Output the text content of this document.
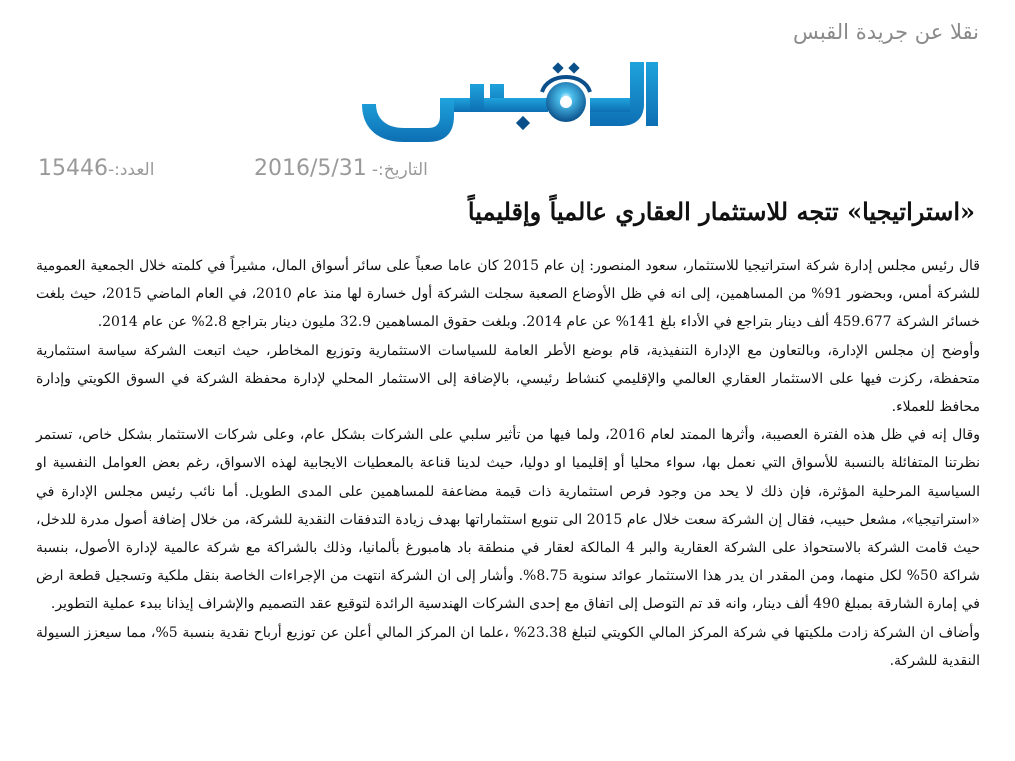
نقلا عن جريدة القبس
العدد:-15446	التاريخ:- 2016/5/31
«استراتيجيا» تتجه للاستثمار العقاري عالمياً وإقليمياً

قال رئيس مجلس إدارة شركة استراتيجيا للاستثمار، سعود المنصور: إن عام 2015 كان عاما صعباً على سائر أسواق المال، مشيراً في كلمته خلال الجمعية العمومية للشركة أمس، وبحضور 91% من المساهمين، إلى انه في ظل الأوضاع الصعبة سجلت الشركة أول خسارة لها منذ عام 2010، في العام الماضي 2015، حيث بلغت خسائر الشركة 459.677 ألف دينار بتراجع في الأداء بلغ 141% عن عام 2014. وبلغت حقوق المساهمين 32.9 مليون دينار بتراجع 2.8% عن عام 2014.

وأوضح إن مجلس الإدارة، وبالتعاون مع الإدارة التنفيذية، قام بوضع الأطر العامة للسياسات الاستثمارية وتوزيع المخاطر، حيث اتبعت الشركة سياسة استثمارية متحفظة، ركزت فيها على الاستثمار العقاري العالمي والإقليمي كنشاط رئيسي، بالإضافة إلى الاستثمار المحلي لإدارة محفظة الشركة في السوق الكويتي وإدارة محافظ للعملاء.

وقال إنه في ظل هذه الفترة العصيبة، وأثرها الممتد لعام 2016، ولما فيها من تأثير سلبي على الشركات بشكل عام، وعلى شركات الاستثمار بشكل خاص، تستمر نظرتنا المتفائلة بالنسبة للأسواق التي نعمل بها، سواء محليا أو إقليميا او دوليا، حيث لدينا قناعة بالمعطيات الايجابية لهذه الاسواق، رغم بعض العوامل النفسية او السياسية المرحلية المؤثرة، فإن ذلك لا يحد من وجود فرص استثمارية ذات قيمة مضاعفة للمساهمين على المدى الطويل. أما نائب رئيس مجلس الإدارة في «استراتيجيا»، مشعل حبيب، فقال إن الشركة سعت خلال عام 2015 الى تنويع استثماراتها بهدف زيادة التدفقات النقدية للشركة، من خلال إضافة أصول مدرة للدخل، حيث قامت الشركة بالاستحواذ على الشركة العقارية والبر 4 المالكة لعقار في منطقة باد هامبورغ بألمانيا، وذلك بالشراكة مع شركة عالمية لإدارة الأصول، بنسبة شراكة 50% لكل منهما، ومن المقدر ان يدر هذا الاستثمار عوائد سنوية 8.75%. وأشار إلى ان الشركة انتهت من الإجراءات الخاصة بنقل ملكية وتسجيل قطعة ارض في إمارة الشارقة بمبلغ 490 ألف دينار، وانه قد تم التوصل إلى اتفاق مع إحدى الشركات الهندسية الرائدة لتوقيع عقد التصميم والإشراف إيذانا ببدء عملية التطوير.

وأضاف ان الشركة زادت ملكيتها في شركة المركز المالي الكويتي لتبلغ 23.38% ،علما ان المركز المالي أعلن عن توزيع أرباح نقدية بنسبة 5%، مما سيعزز السيولة النقدية للشركة.
